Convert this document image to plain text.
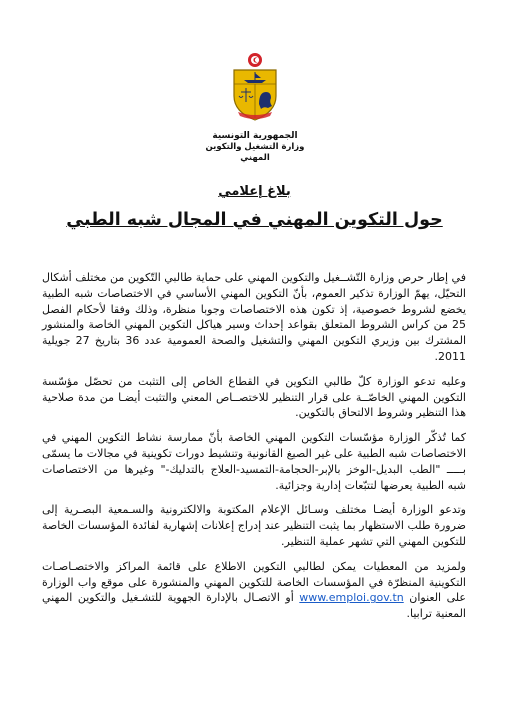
الجمهورية التونسية
وزارة التشغيل والتكوين المهني
بلاغ إعلامي
حول التكوين المهني في المجال شبه الطبي

في إطار حرص وزارة التّشــغيل والتكوين المهني على حماية طالبي التّكوين من مختلف أشكال التحيّل، يهمّ الوزارة تذكير العموم، بأنّ التكوين المهني الأساسي في الاختصاصات شبه الطبية يخضع لشروط خصوصية، إذ تكون هذه الاختصاصات وجوبا منظرة، وذلك وفقا لأحكام الفصل 25 من كراس الشروط المتعلق بقواعد إحداث وسير هياكل التكوين المهني الخاصة والمنشور المشترك بين وزيري التكوين المهني والتشغيل والصحة العمومية عدد 36 بتاريخ 27 جويلية 2011.

وعليه تدعو الوزارة كلّ طالبي التكوين في القطاع الخاص إلى التثبت من تحصّل مؤسّسة التكوين المهني الخاصّــة على قرار التنظير للاختصــاص المعني والتثبت أيضـا من مدة صلاحية هذا التنظير وشروط الالتحاق بالتكوين.

كما تُذكّر الوزارة مؤسّسات التكوين المهني الخاصة بأنّ ممارسة نشاط التكوين المهني في الاختصاصات شبه الطبية على غير الصيغ القانونية وتنشيط دورات تكوينية في مجالات ما يسمّى بـــــ "الطب البديل-الوخز بالإبر-الحجامة-التمسيد-العلاج بالتدليك-" وغيرها من الاختصاصات شبه الطبية يعرضها لتتبّعات إدارية وجزائية.

وتدعو الوزارة أيضـا مختلف وسـائل الإعلام المكتوبة والالكترونية والسـمعية البصـرية إلى ضرورة طلب الاستظهار بما يثبت التنظير عند إدراج إعلانات إشهارية لفائدة المؤسسات الخاصة للتكوين المهني التي تشهر عملية التنظير.

ولمزيد من المعطيات يمكن لطالبي التكوين الاطلاع على قائمة المراكز والاختصـاصـات التكوينية المنظرّة في المؤسسات الخاصة للتكوين المهني والمنشورة على موقع واب الوزارة على العنوان www.emploi.gov.tn أو الاتصـال بالإدارة الجهوية للتشـغيل والتكوين المهني المعنية ترابيا.
